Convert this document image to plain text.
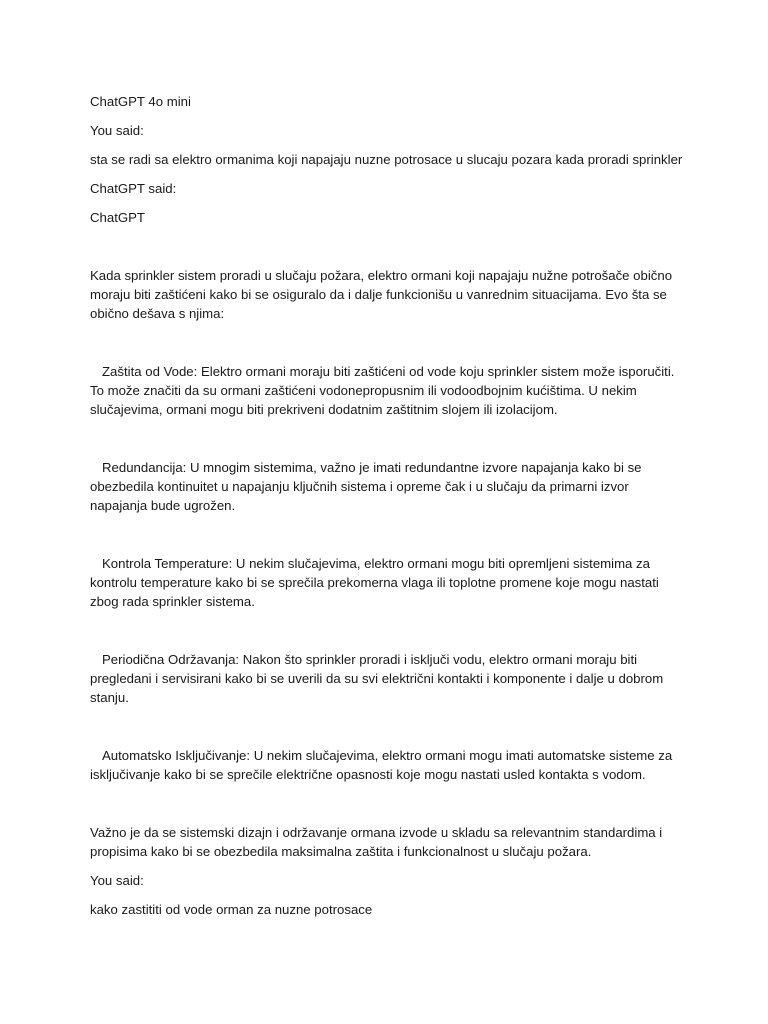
ChatGPT 4o mini

You said:

sta se radi sa elektro ormanima koji napajaju nuzne potrosace u slucaju pozara kada proradi sprinkler

ChatGPT said:

ChatGPT

Kada sprinkler sistem proradi u slučaju požara, elektro ormani koji napajaju nužne potrošače obično moraju biti zaštićeni kako bi se osiguralo da i dalje funkcionišu u vanrednim situacijama. Evo šta se obično dešava s njima:

Zaštita od Vode: Elektro ormani moraju biti zaštićeni od vode koju sprinkler sistem može isporučiti. To može značiti da su ormani zaštićeni vodonepropusnim ili vodoodbojnim kućištima. U nekim slučajevima, ormani mogu biti prekriveni dodatnim zaštitnim slojem ili izolacijom.

Redundancija: U mnogim sistemima, važno je imati redundantne izvore napajanja kako bi se obezbedila kontinuitet u napajanju ključnih sistema i opreme čak i u slučaju da primarni izvor napajanja bude ugrožen.

Kontrola Temperature: U nekim slučajevima, elektro ormani mogu biti opremljeni sistemima za kontrolu temperature kako bi se sprečila prekomerna vlaga ili toplotne promene koje mogu nastati zbog rada sprinkler sistema.

Periodična Održavanja: Nakon što sprinkler proradi i isključi vodu, elektro ormani moraju biti pregledani i servisirani kako bi se uverili da su svi električni kontakti i komponente i dalje u dobrom stanju.

Automatsko Isključivanje: U nekim slučajevima, elektro ormani mogu imati automatske sisteme za isključivanje kako bi se sprečile električne opasnosti koje mogu nastati usled kontakta s vodom.

Važno je da se sistemski dizajn i održavanje ormana izvode u skladu sa relevantnim standardima i propisima kako bi se obezbedila maksimalna zaštita i funkcionalnost u slučaju požara.

You said:

kako zastititi od vode orman za nuzne potrosace
